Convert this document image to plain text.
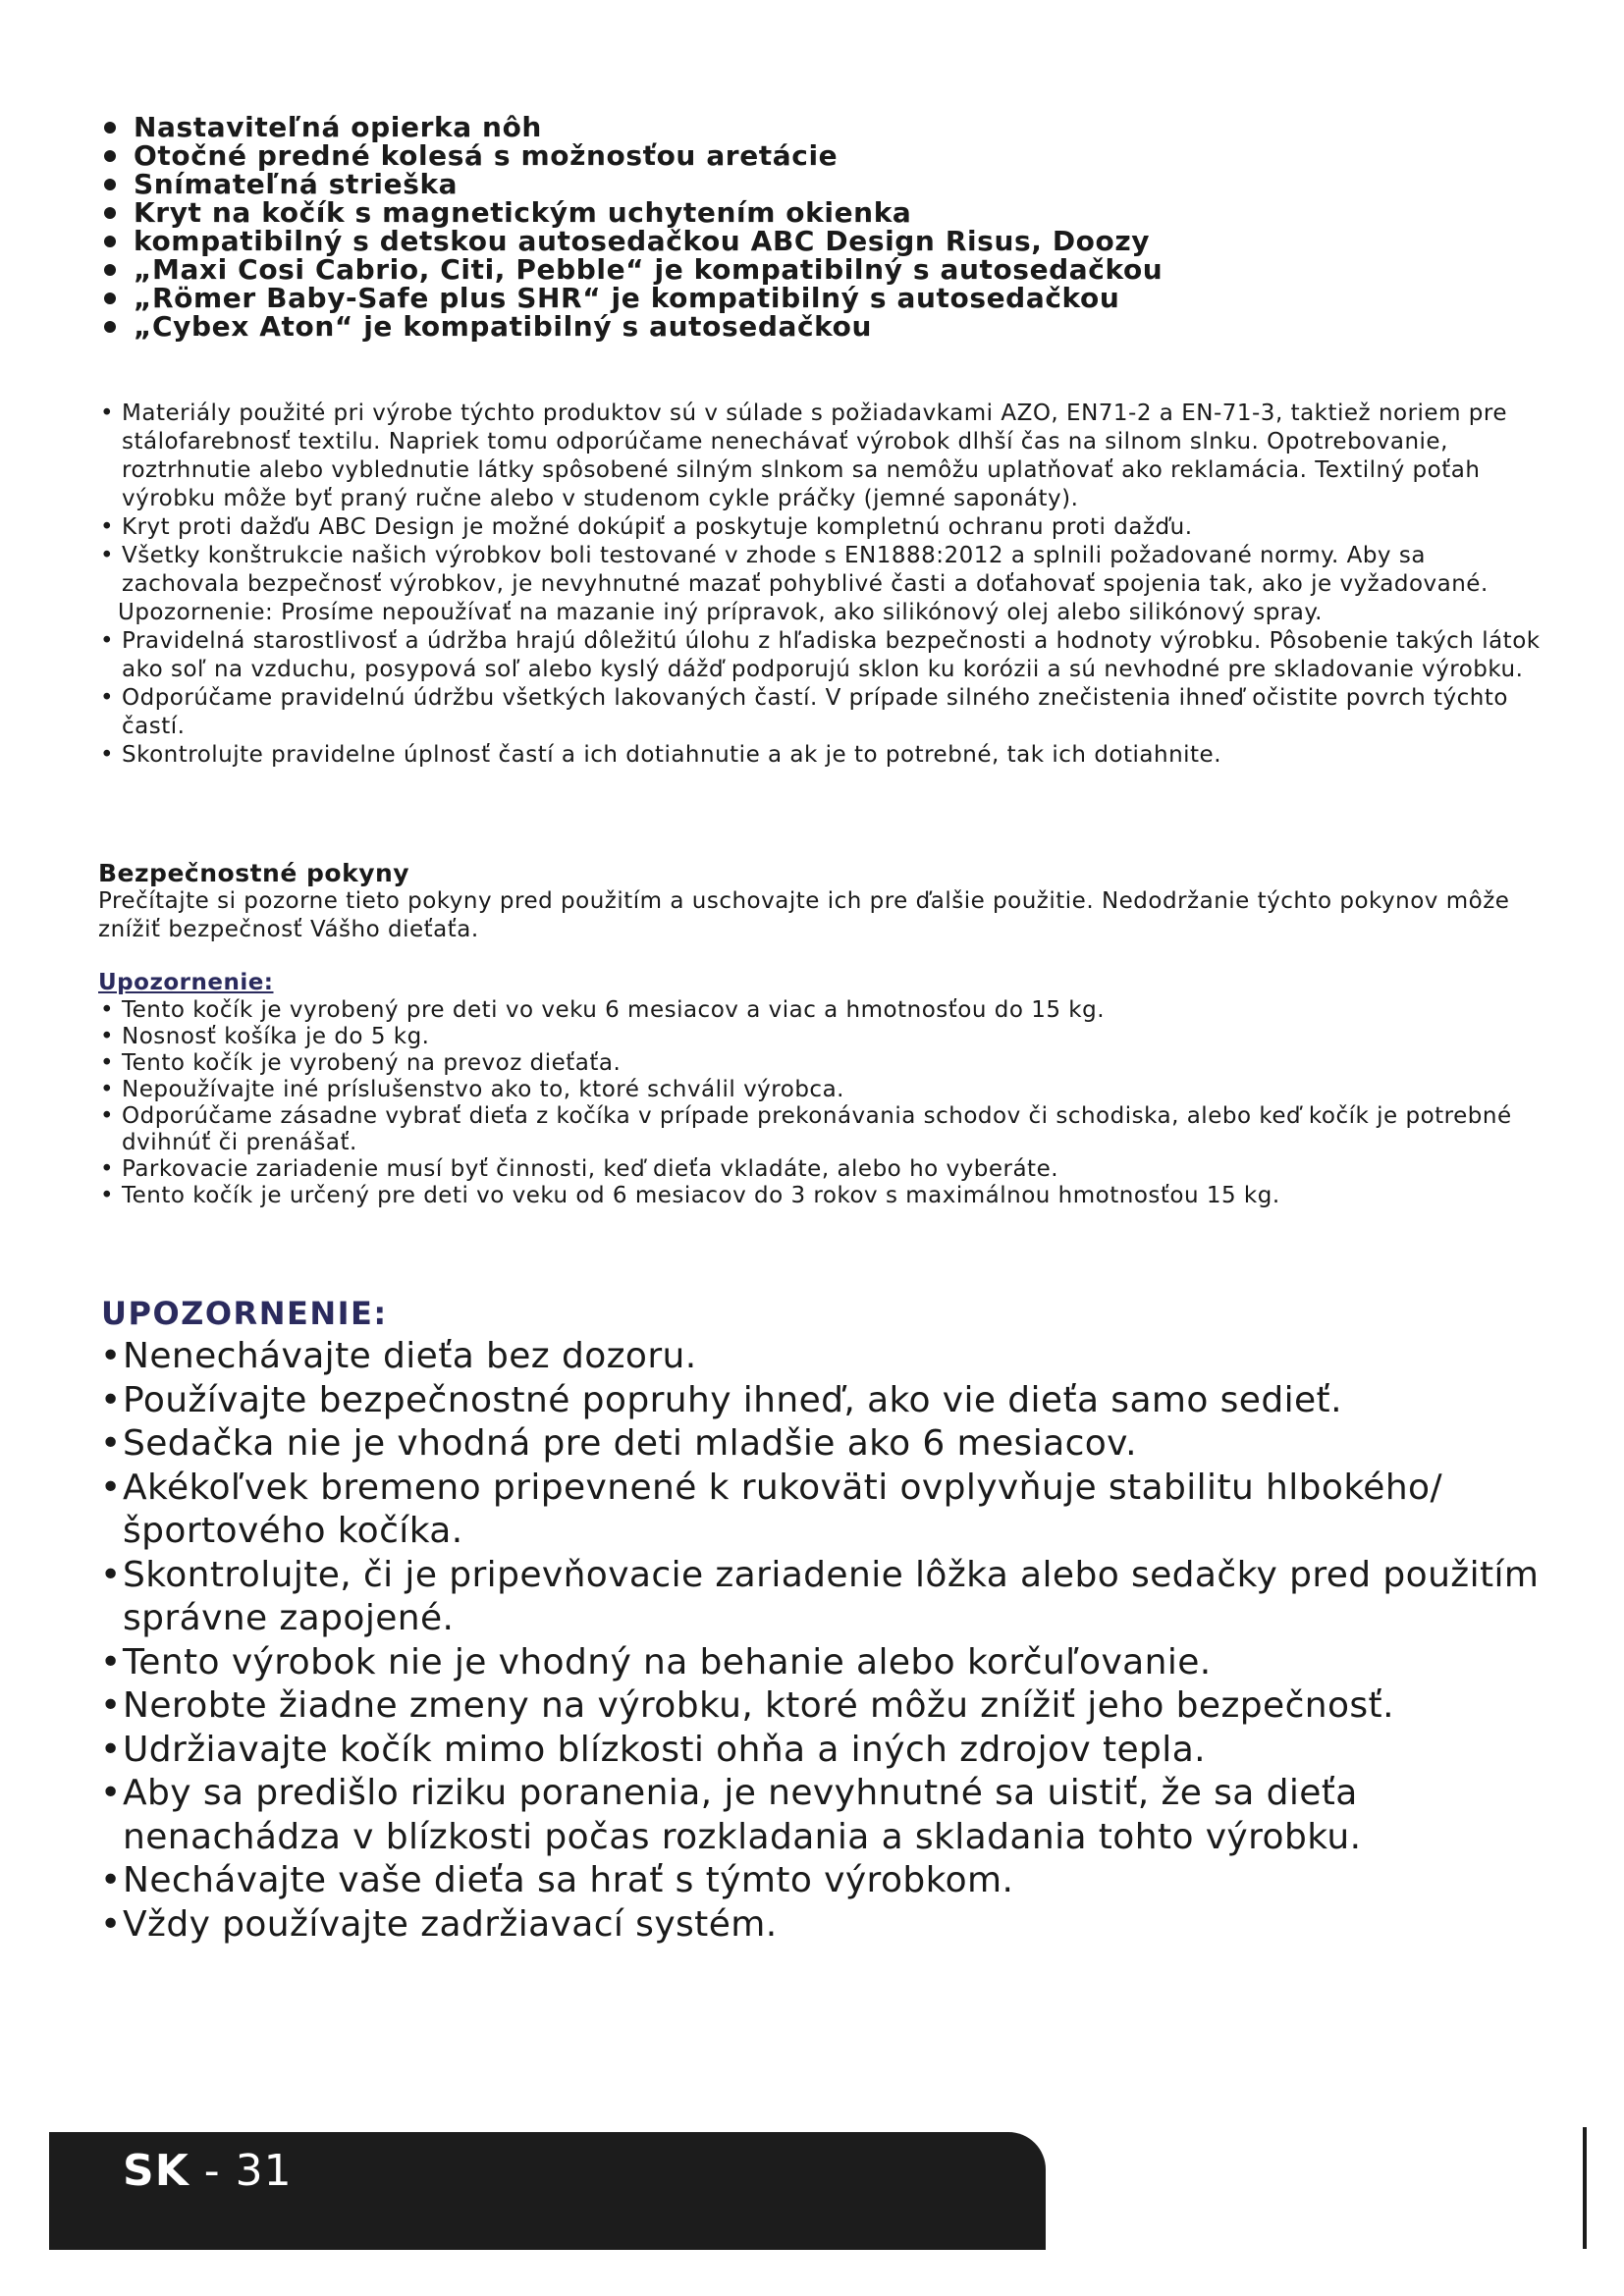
Nastaviteľná opierka nôh
Otočné predné kolesá s možnosťou aretácie
Snímateľná strieška
Kryt na kočík s magnetickým uchytením okienka
kompatibilný s detskou autosedačkou ABC Design Risus, Doozy
„Maxi Cosi Cabrio, Citi, Pebble“ je kompatibilný s autosedačkou
„Römer Baby-Safe plus SHR“ je kompatibilný s autosedačkou
„Cybex Aton“ je kompatibilný s autosedačkou
• Materiály použité pri výrobe týchto produktov sú v súlade s požiadavkami AZO, EN71-2 a EN-71-3, taktiež noriem pre stálofarebnosť textilu. Napriek tomu odporúčame nenechávať výrobok dlhší čas na silnom slnku. Opotrebovanie, roztrhnutie alebo vyblednutie látky spôsobené silným slnkom sa nemôžu uplatňovať ako reklamácia. Textilný poťah výrobku môže byť praný ručne alebo v studenom cykle práčky (jemné saponáty).
• Kryt proti dažďu ABC Design je možné dokúpiť a poskytuje kompletnú ochranu proti dažďu.
• Všetky konštrukcie našich výrobkov boli testované v zhode s EN1888:2012 a splnili požadované normy. Aby sa zachovala bezpečnosť výrobkov, je nevyhnutné mazať pohyblivé časti a doťahovať spojenia tak, ako je vyžadované.
Upozornenie: Prosíme nepoužívať na mazanie iný prípravok, ako silikónový olej alebo silikónový spray.
• Pravidelná starostlivosť a údržba hrajú dôležitú úlohu z hľadiska bezpečnosti a hodnoty výrobku. Pôsobenie takých látok ako soľ na vzduchu, posypová soľ alebo kyslý dážď podporujú sklon ku korózii a sú nevhodné pre skladovanie výrobku.
• Odporúčame pravidelnú údržbu všetkých lakovaných častí. V prípade silného znečistenia ihneď očistite povrch týchto častí.
• Skontrolujte pravidelne úplnosť častí a ich dotiahnutie a ak je to potrebné, tak ich dotiahnite.
Bezpečnostné pokyny
Prečítajte si pozorne tieto pokyny pred použitím a uschovajte ich pre ďalšie použitie. Nedodržanie týchto pokynov môže znížiť bezpečnosť Vášho dieťaťa.
Upozornenie:
• Tento kočík je vyrobený pre deti vo veku 6 mesiacov a viac a hmotnosťou do 15 kg.
• Nosnosť košíka je do 5 kg.
• Tento kočík je vyrobený na prevoz dieťaťa.
• Nepoužívajte iné príslušenstvo ako to, ktoré schválil výrobca.
• Odporúčame zásadne vybrať dieťa z kočíka v prípade prekonávania schodov či schodiska, alebo keď kočík je potrebné dvihnúť či prenášať.
• Parkovacie zariadenie musí byť činnosti, keď dieťa vkladáte, alebo ho vyberáte.
• Tento kočík je určený pre deti vo veku od 6 mesiacov do 3 rokov s maximálnou hmotnosťou 15 kg.
UPOZORNENIE:
• Nenechávajte dieťa bez dozoru.
• Používajte bezpečnostné popruhy ihneď, ako vie dieťa samo sedieť.
• Sedačka nie je vhodná pre deti mladšie ako 6 mesiacov.
• Akékoľvek bremeno pripevnené k rukoväti ovplyvňuje stabilitu hlbokého/ športového kočíka.
• Skontrolujte, či je pripevňovacie zariadenie lôžka alebo sedačky pred použitím správne zapojené.
• Tento výrobok nie je vhodný na behanie alebo korčuľovanie.
• Nerobte žiadne zmeny na výrobku, ktoré môžu znížiť jeho bezpečnosť.
• Udržiavajte kočík mimo blízkosti ohňa a iných zdrojov tepla.
• Aby sa predišlo riziku poranenia, je nevyhnutné sa uistiť, že sa dieťa nenachádza v blízkosti počas rozkladania a skladania tohto výrobku.
• Nechávajte vaše dieťa sa hrať s týmto výrobkom.
• Vždy používajte zadržiavací systém.
SK - 31
